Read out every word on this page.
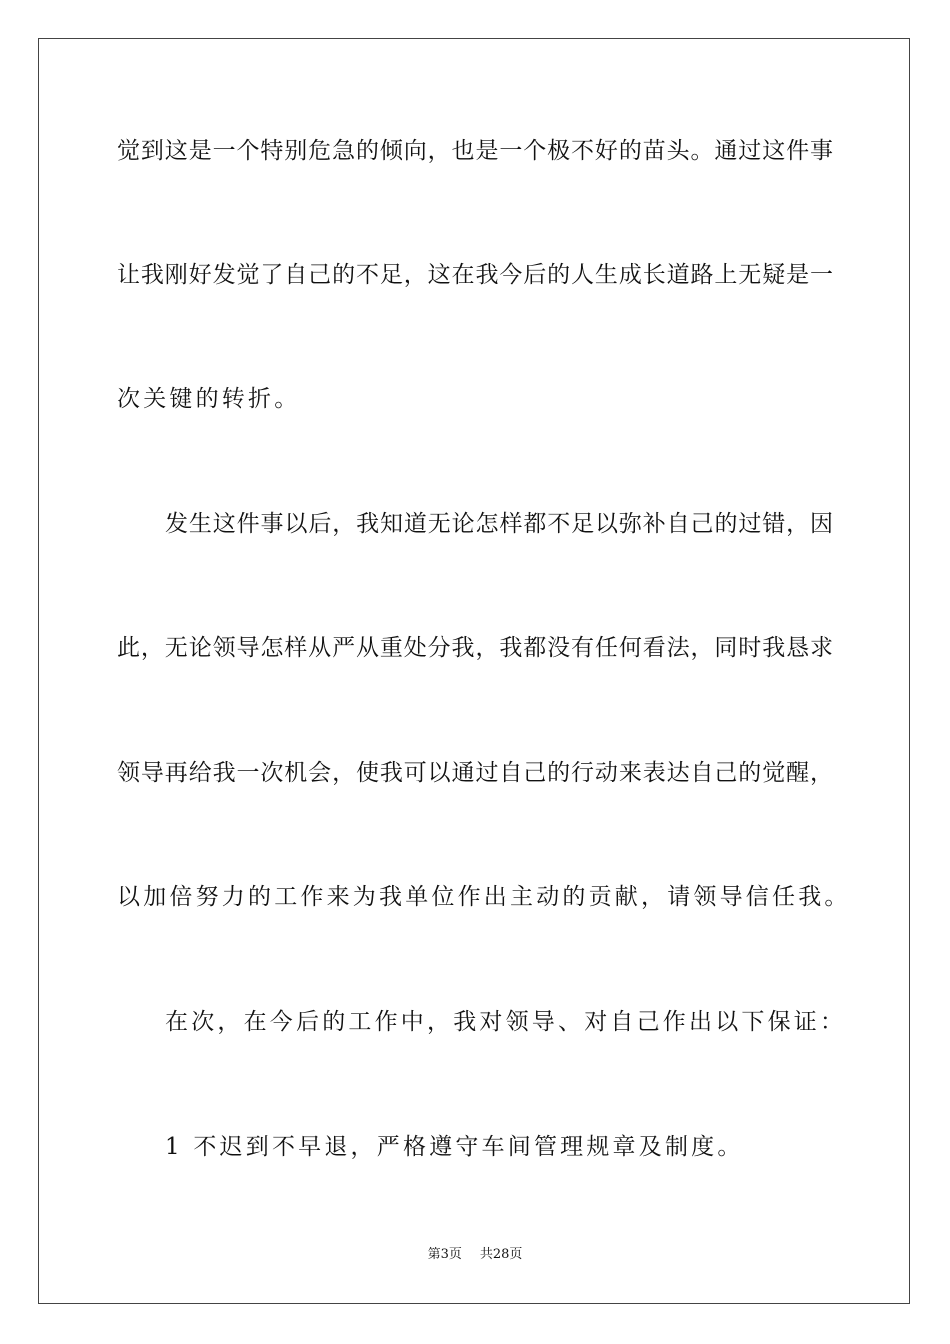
觉到这是一个特别危急的倾向，也是一个极不好的苗头。通过这件事
让我刚好发觉了自己的不足，这在我今后的人生成长道路上无疑是一
次关键的转折。
发生这件事以后，我知道无论怎样都不足以弥补自己的过错，因
此，无论领导怎样从严从重处分我，我都没有任何看法，同时我恳求
领导再给我一次机会，使我可以通过自己的行动来表达自己的觉醒，
以加倍努力的工作来为我单位作出主动的贡献，请领导信任我。
在次，在今后的工作中，我对领导、对自己作出以下保证：
1 不迟到不早退，严格遵守车间管理规章及制度。
第3页 共28页
